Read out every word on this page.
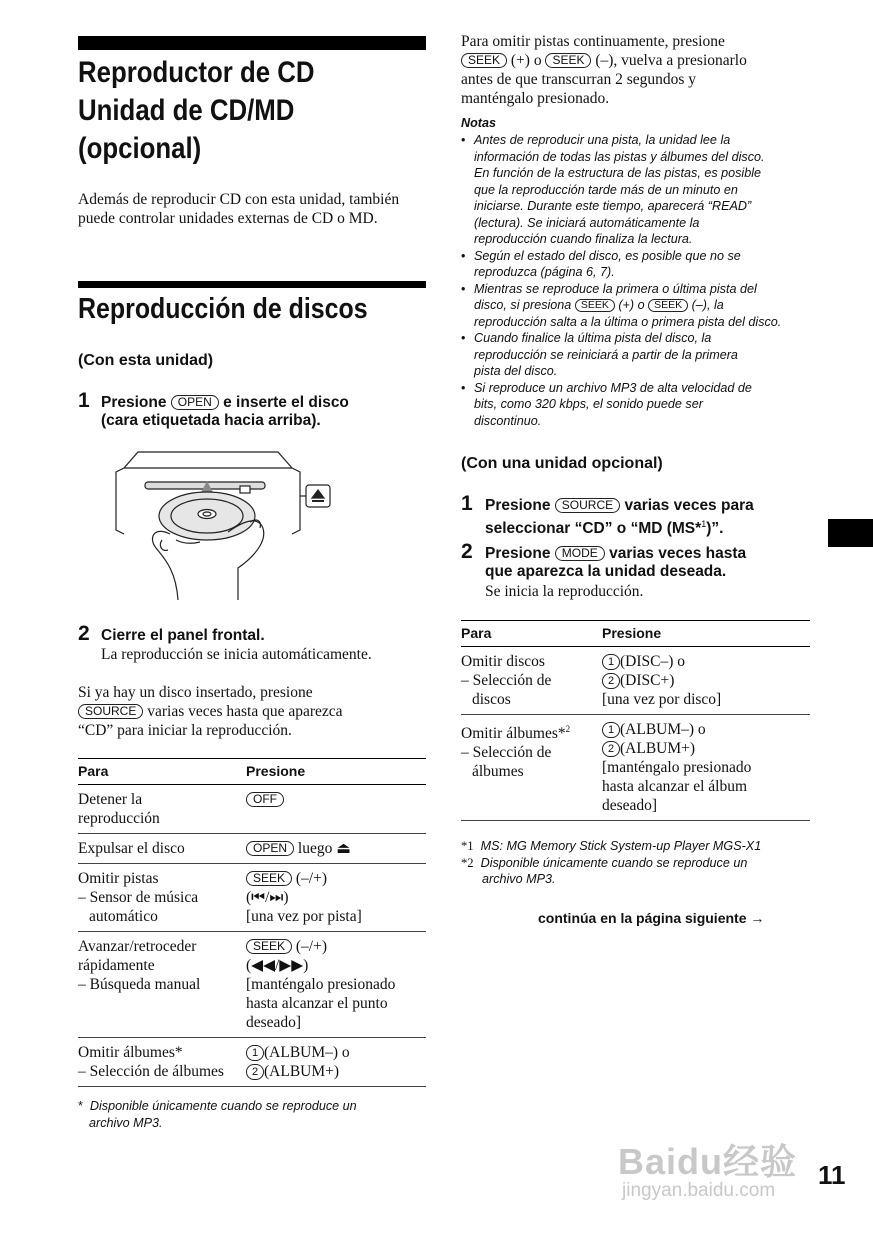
Reproductor de CD
Unidad de CD/MD
(opcional)
Además de reproducir CD con esta unidad, también puede controlar unidades externas de CD o MD.
Reproducción de discos
(Con esta unidad)
1 Presione OPEN e inserte el disco
(cara etiquetada hacia arriba).
2 Cierre el panel frontal.
La reproducción se inicia automáticamente.
Si ya hay un disco insertado, presione
SOURCE varias veces hasta que aparezca
“CD” para iniciar la reproducción.
Para	Presione
Detener la
reproducción	OFF
Expulsar el disco	OPEN luego ⏏
Omitir pistas
– Sensor de música
automático	SEEK (–/+)
(⏮/⏭)
[una vez por pista]
Avanzar/retroceder
rápidamente
– Búsqueda manual	SEEK (–/+)
(◀◀/▶▶)
[manténgalo presionado
hasta alcanzar el punto
deseado]
Omitir álbumes*
– Selección de álbumes	1 (ALBUM–) o
2 (ALBUM+)
* Disponible únicamente cuando se reproduce un
archivo MP3.
Para omitir pistas continuamente, presione
SEEK (+) o SEEK (–), vuelva a presionarlo
antes de que transcurran 2 segundos y
manténgalo presionado.
Notas
• Antes de reproducir una pista, la unidad lee la
información de todas las pistas y álbumes del disco.
En función de la estructura de las pistas, es posible
que la reproducción tarde más de un minuto en
iniciarse. Durante este tiempo, aparecerá “READ”
(lectura). Se iniciará automáticamente la
reproducción cuando finaliza la lectura.
• Según el estado del disco, es posible que no se
reproduzca (página 6, 7).
• Mientras se reproduce la primera o última pista del
disco, si presiona SEEK (+) o SEEK (–), la
reproducción salta a la última o primera pista del disco.
• Cuando finalice la última pista del disco, la
reproducción se reiniciará a partir de la primera
pista del disco.
• Si reproduce un archivo MP3 de alta velocidad de
bits, como 320 kbps, el sonido puede ser
discontinuo.
(Con una unidad opcional)
1 Presione SOURCE varias veces para
seleccionar “CD” o “MD (MS*$^1$)”.
2 Presione MODE varias veces hasta
que aparezca la unidad deseada.
Se inicia la reproducción.
Para	Presione
Omitir discos
– Selección de
discos	1 (DISC–) o
2 (DISC+)
[una vez por disco]
Omitir álbumes*$^2$
– Selección de
álbumes	1 (ALBUM–) o
2 (ALBUM+)
[manténgalo presionado
hasta alcanzar el álbum
deseado]
*1 MS: MG Memory Stick System-up Player MGS-X1
*2 Disponible únicamente cuando se reproduce un
archivo MP3.
continúa en la página siguiente →
Baidu经验
jingyan.baidu.com
11
